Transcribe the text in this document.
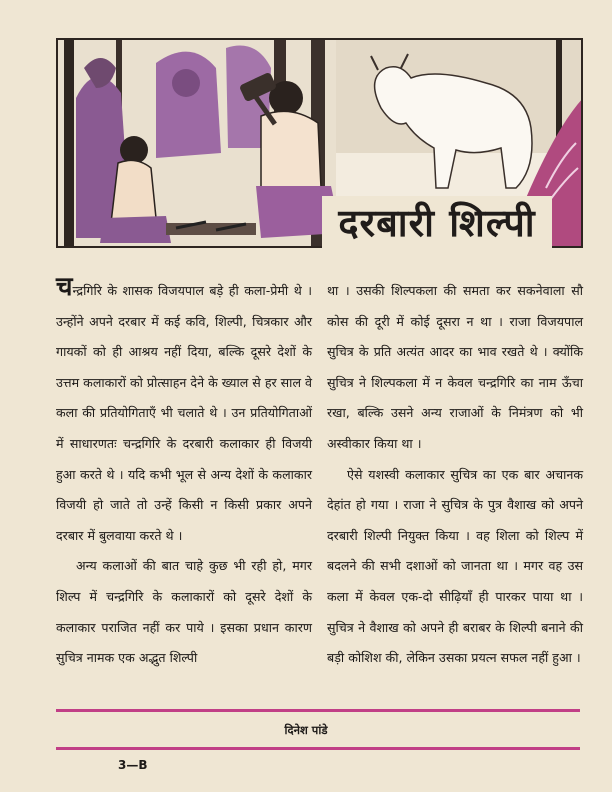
दरबारी शिल्पी

चन्द्रगिरि के शासक विजयपाल बड़े ही कला-प्रेमी थे । उन्होंने अपने दरबार में कई कवि, शिल्पी, चित्रकार और गायकों को ही आश्रय नहीं दिया, बल्कि दूसरे देशों के उत्तम कलाकारों को प्रोत्साहन देने के ख्याल से हर साल वे कला की प्रतियोगिताएँ भी चलाते थे । उन प्रतियोगिताओं में साधारणतः चन्द्रगिरि के दरबारी कलाकार ही विजयी हुआ करते थे । यदि कभी भूल से अन्य देशों के कलाकार विजयी हो जाते तो उन्हें किसी न किसी प्रकार अपने दरबार में बुलवाया करते थे ।

अन्य कलाओं की बात चाहे कुछ भी रही हो, मगर शिल्प में चन्द्रगिरि के कलाकारों को दूसरे देशों के कलाकार पराजित नहीं कर पाये । इसका प्रधान कारण सुचित्र नामक एक अद्भुत शिल्पी

था । उसकी शिल्पकला की समता कर सकनेवाला सौ कोस की दूरी में कोई दूसरा न था । राजा विजयपाल सुचित्र के प्रति अत्यंत आदर का भाव रखते थे । क्योंकि सुचित्र ने शिल्पकला में न केवल चन्द्रगिरि का नाम ऊँचा रखा, बल्कि उसने अन्य राजाओं के निमंत्रण को भी अस्वीकार किया था ।

ऐसे यशस्वी कलाकार सुचित्र का एक बार अचानक देहांत हो गया । राजा ने सुचित्र के पुत्र वैशाख को अपने दरबारी शिल्पी नियुक्त किया । वह शिला को शिल्प में बदलने की सभी दशाओं को जानता था । मगर वह उस कला में केवल एक-दो सीढ़ियाँ ही पारकर पाया था । सुचित्र ने वैशाख को अपने ही बराबर के शिल्पी बनाने की बड़ी कोशिश की, लेकिन उसका प्रयत्न सफल नहीं हुआ ।

दिनेश पांडे
3—B
